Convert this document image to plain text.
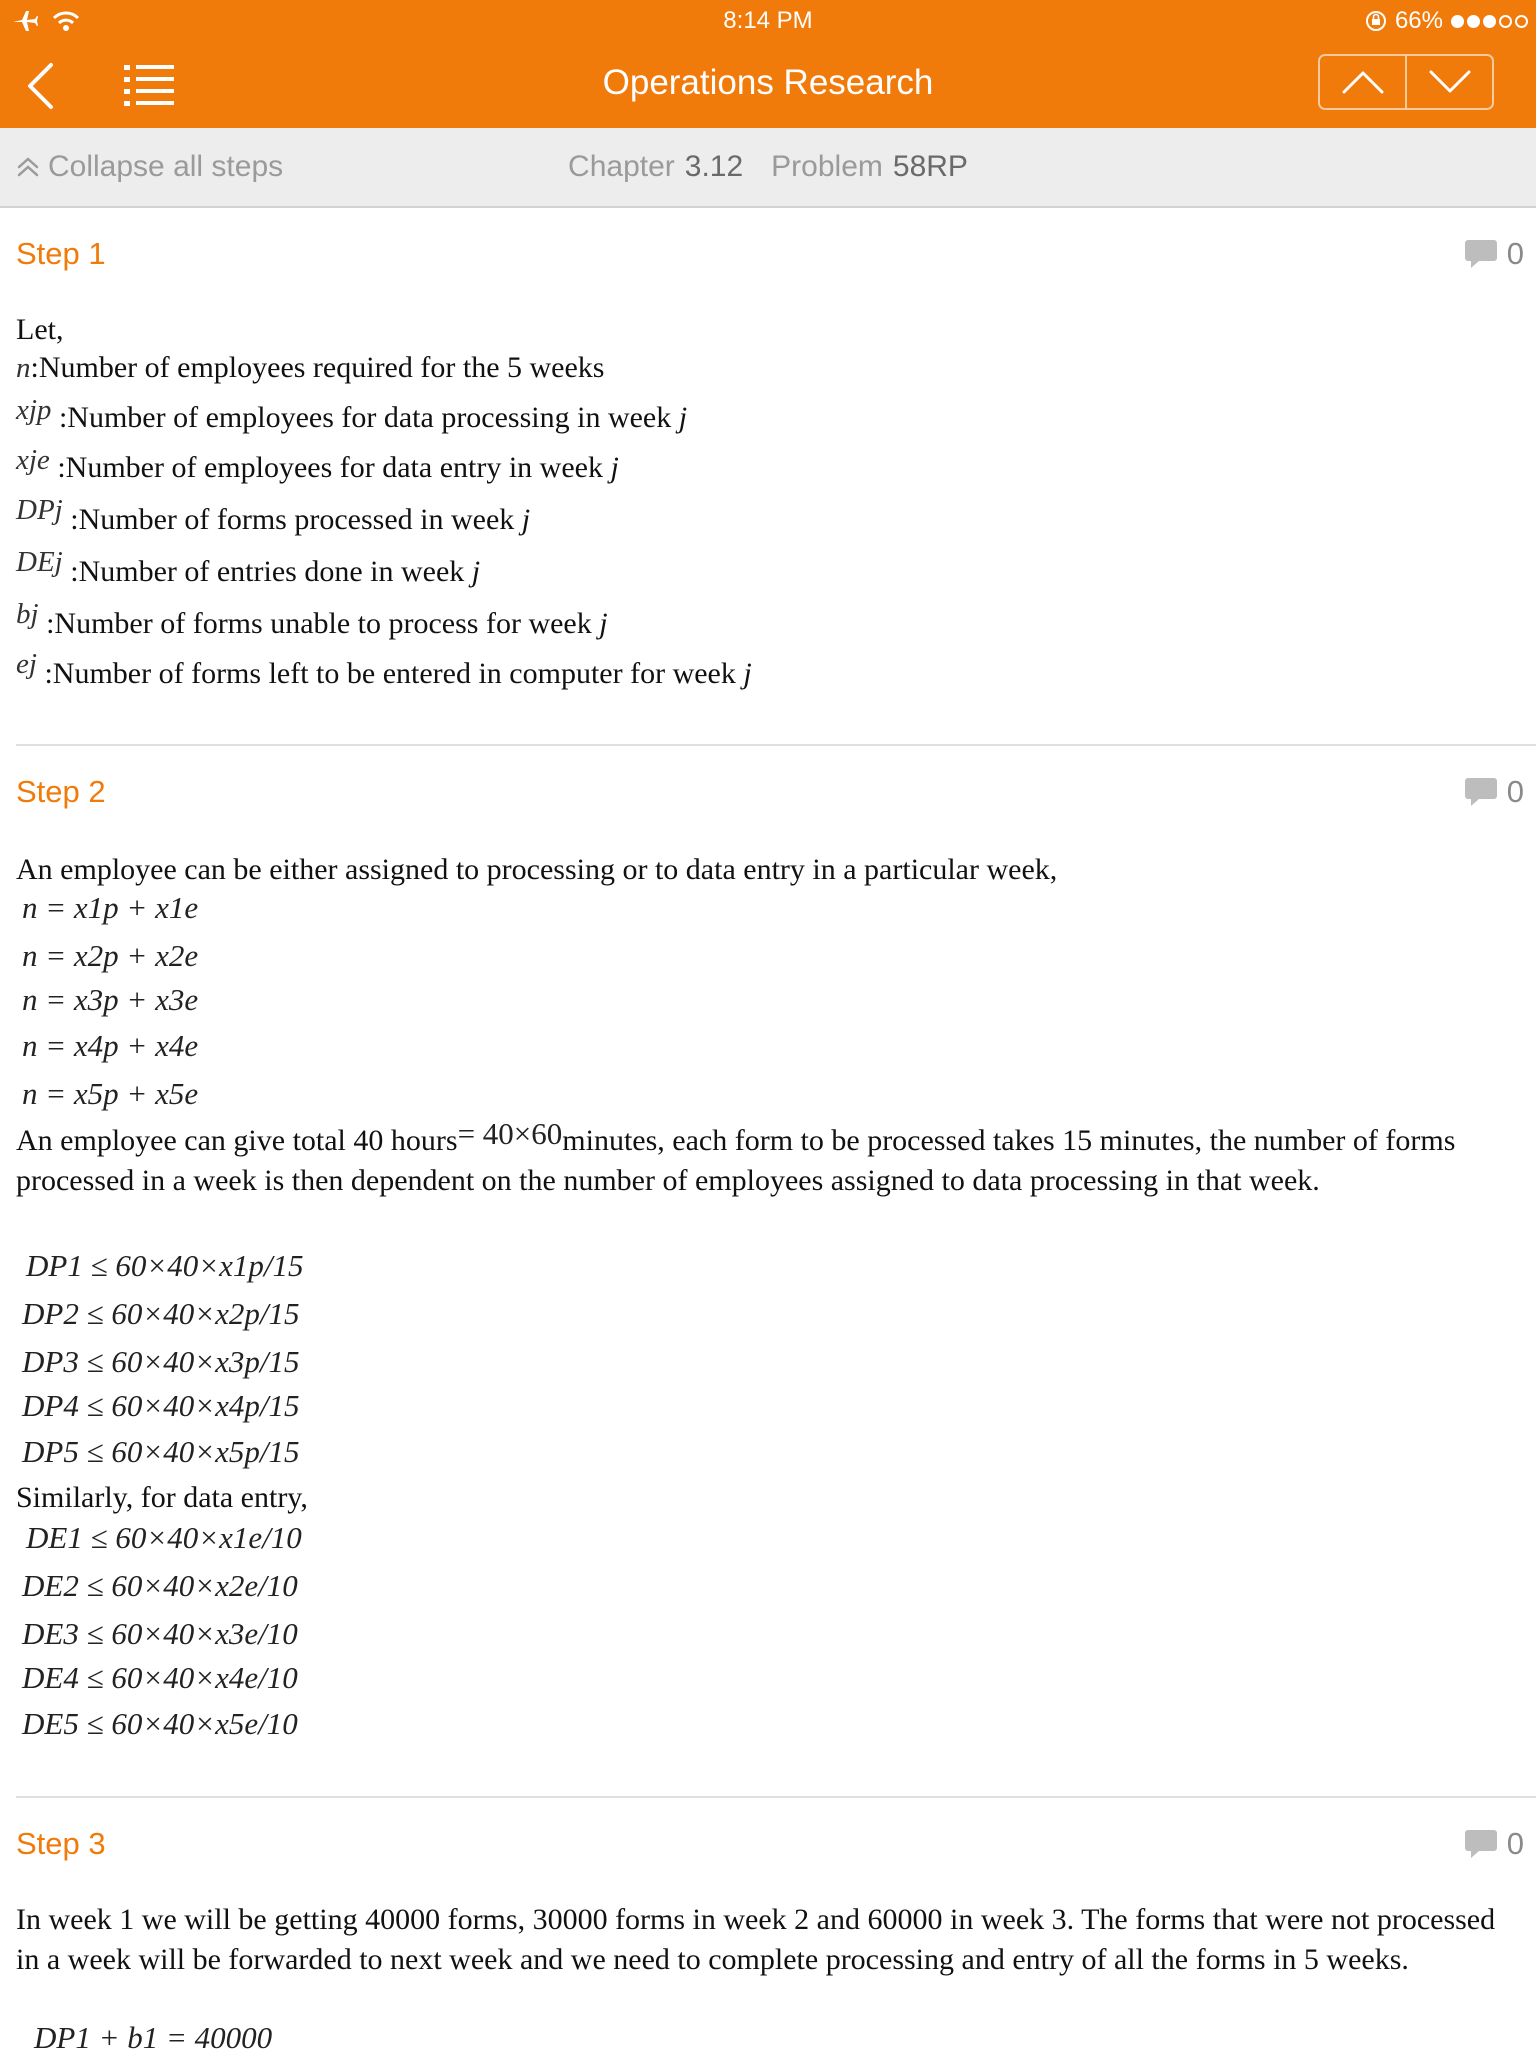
8:14 PM	66%
Operations Research
Collapse all steps	Chapter 3.12 Problem 58RP
Step 1	0
Let,
n:Number of employees required for the 5 weeks
xjp :Number of employees for data processing in week j
xje :Number of employees for data entry in week j
DPj :Number of forms processed in week j
DEj :Number of entries done in week j
bj :Number of forms unable to process for week j
ej :Number of forms left to be entered in computer for week j
Step 2	0
An employee can be either assigned to processing or to data entry in a particular week,
n = x1p + x1e
n = x2p + x2e
n = x3p + x3e
n = x4p + x4e
n = x5p + x5e
An employee can give total 40 hours= 40×60minutes, each form to be processed takes 15 minutes, the number of forms processed in a week is then dependent on the number of employees assigned to data processing in that week.
DP1 ≤ 60×40×x1p/15
DP2 ≤ 60×40×x2p/15
DP3 ≤ 60×40×x3p/15
DP4 ≤ 60×40×x4p/15
DP5 ≤ 60×40×x5p/15
Similarly, for data entry,
DE1 ≤ 60×40×x1e/10
DE2 ≤ 60×40×x2e/10
DE3 ≤ 60×40×x3e/10
DE4 ≤ 60×40×x4e/10
DE5 ≤ 60×40×x5e/10
Step 3	0
In week 1 we will be getting 40000 forms, 30000 forms in week 2 and 60000 in week 3. The forms that were not processed in a week will be forwarded to next week and we need to complete processing and entry of all the forms in 5 weeks.
DP1 + b1 = 40000
